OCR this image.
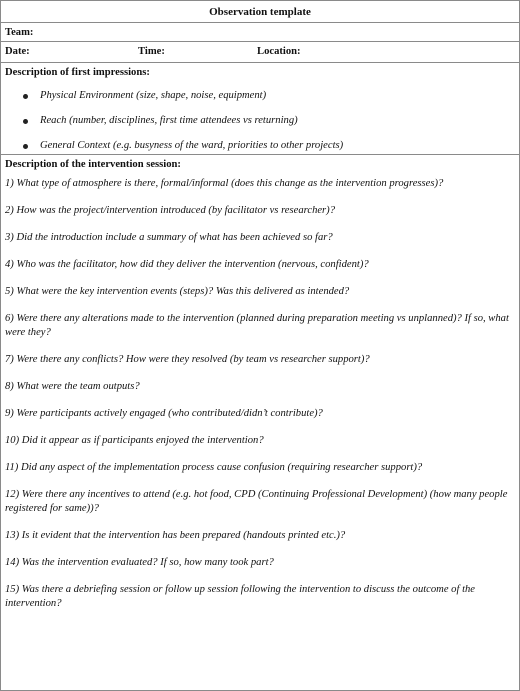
Observation template
Team:
Date:	Time:	Location:
Description of first impressions:
Physical Environment (size, shape, noise, equipment)
Reach (number, disciplines, first time attendees vs returning)
General Context (e.g. busyness of the ward, priorities to other projects)
Description of the intervention session:
1) What type of atmosphere is there, formal/informal (does this change as the intervention progresses)?
2) How was the project/intervention introduced (by facilitator vs researcher)?
3) Did the introduction include a summary of what has been achieved so far?
4) Who was the facilitator, how did they deliver the intervention (nervous, confident)?
5) What were the key intervention events (steps)? Was this delivered as intended?
6) Were there any alterations made to the intervention (planned during preparation meeting vs unplanned)? If so, what were they?
7) Were there any conflicts? How were they resolved (by team vs researcher support)?
8) What were the team outputs?
9) Were participants actively engaged (who contributed/didn’t contribute)?
10) Did it appear as if participants enjoyed the intervention?
11) Did any aspect of the implementation process cause confusion (requiring researcher support)?
12) Were there any incentives to attend (e.g. hot food, CPD (Continuing Professional Development) (how many people registered for same))?
13) Is it evident that the intervention has been prepared (handouts printed etc.)?
14) Was the intervention evaluated? If so, how many took part?
15) Was there a debriefing session or follow up session following the intervention to discuss the outcome of the intervention?
